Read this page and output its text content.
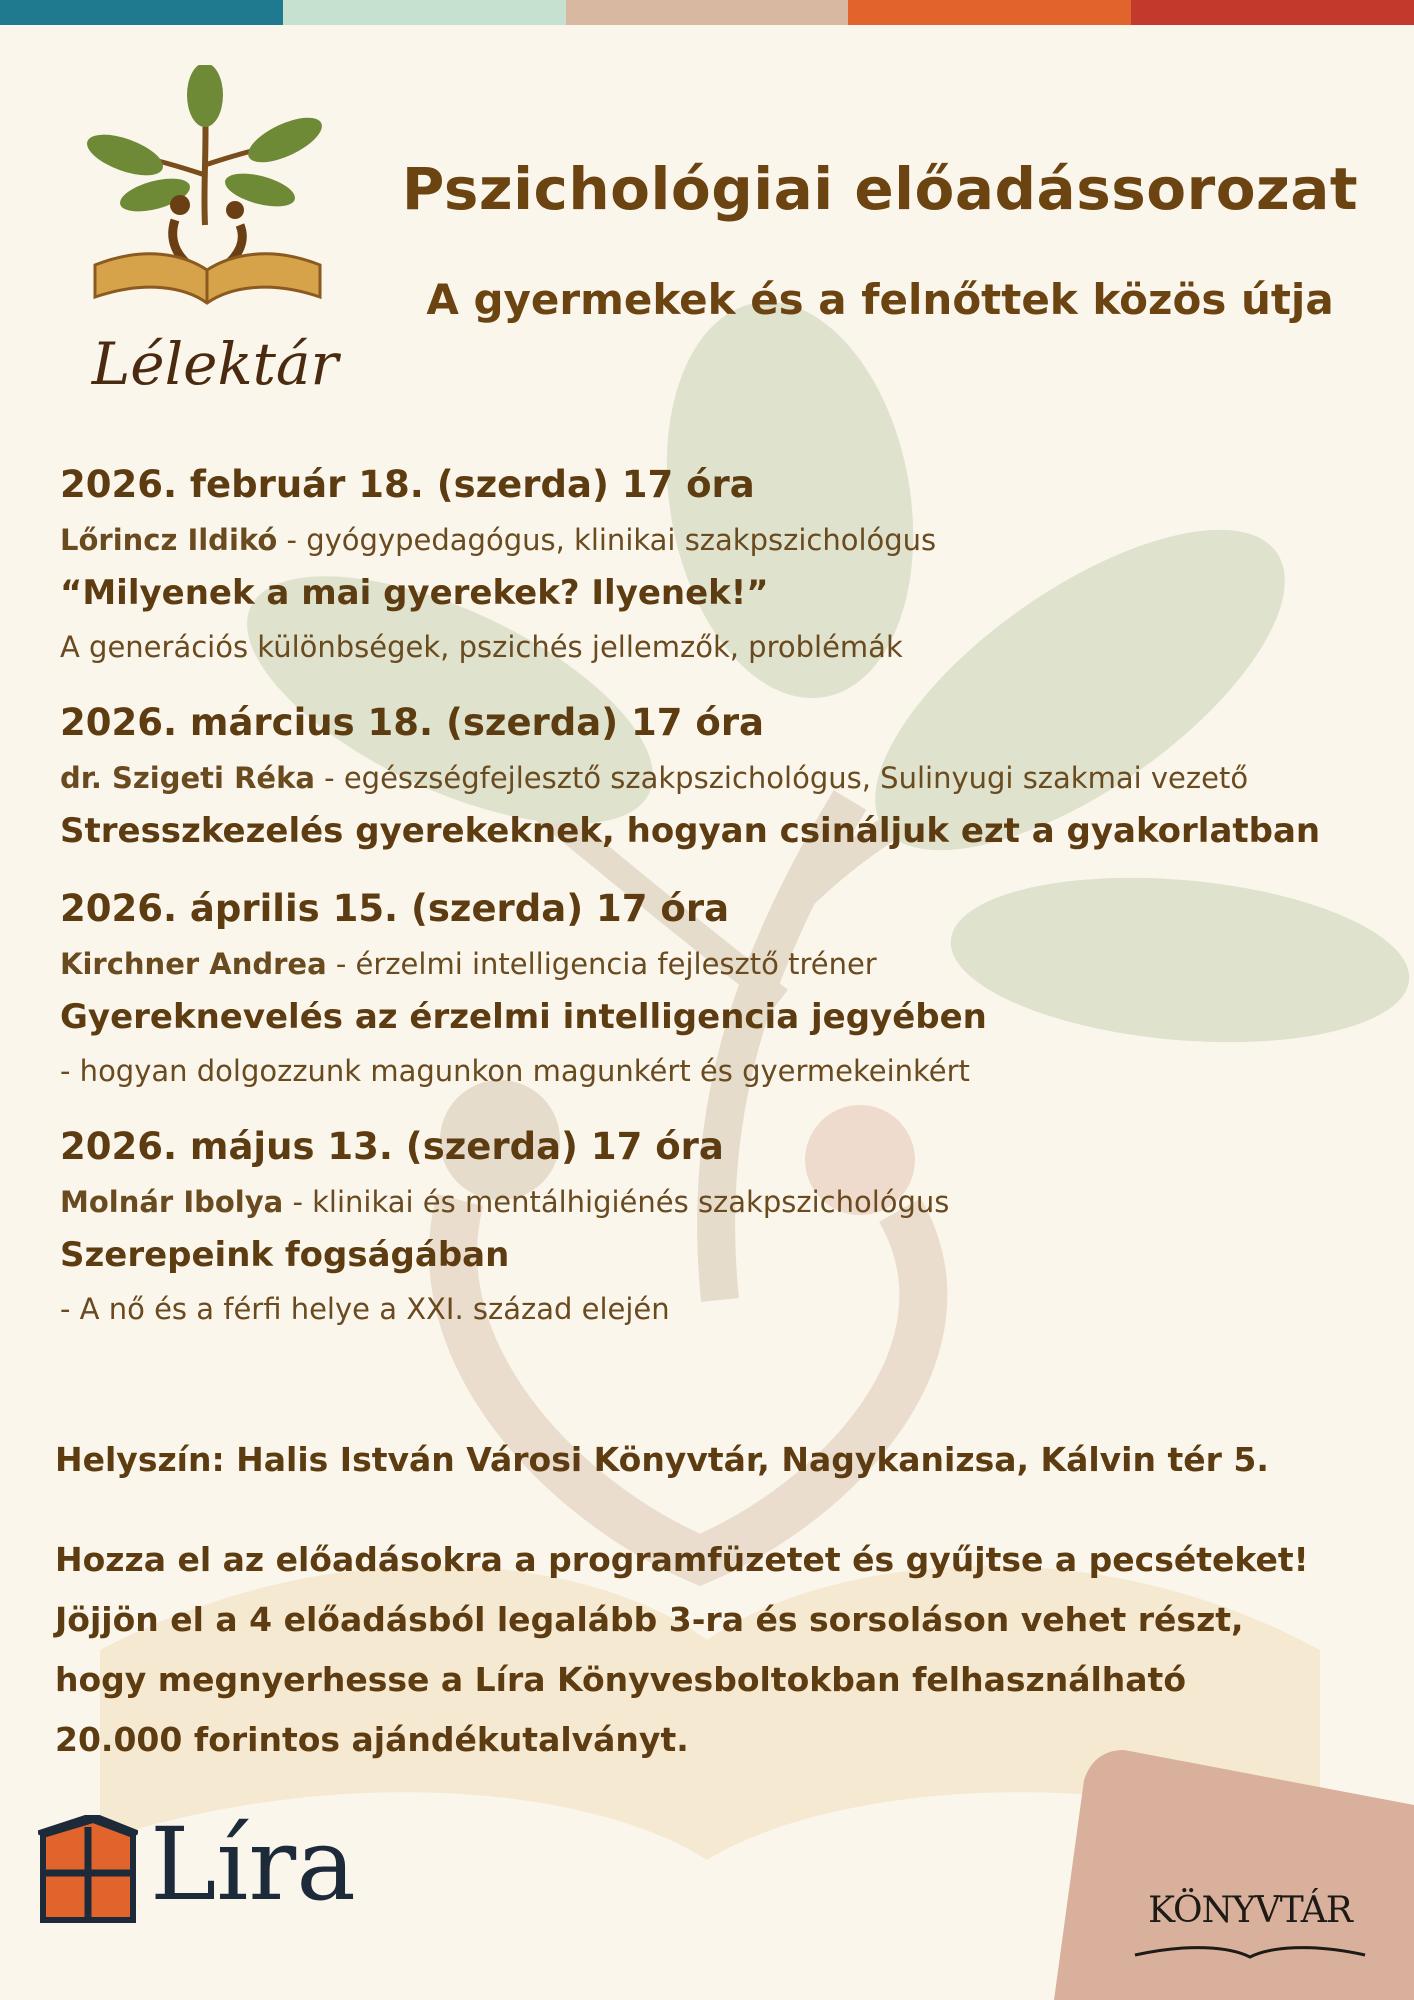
Lélektár
Pszichológiai előadássorozat
A gyermekek és a felnőttek közös útja
2026. február 18. (szerda) 17 óra
Lőrincz Ildikó - gyógypedagógus, klinikai szakpszichológus
“Milyenek a mai gyerekek? Ilyenek!”
A generációs különbségek, pszichés jellemzők, problémák
2026. március 18. (szerda) 17 óra
dr. Szigeti Réka - egészségfejlesztő szakpszichológus, Sulinyugi szakmai vezető
Stresszkezelés gyerekeknek, hogyan csináljuk ezt a gyakorlatban
2026. április 15. (szerda) 17 óra
Kirchner Andrea - érzelmi intelligencia fejlesztő tréner
Gyereknevelés az érzelmi intelligencia jegyében
- hogyan dolgozzunk magunkon magunkért és gyermekeinkért
2026. május 13. (szerda) 17 óra
Molnár Ibolya - klinikai és mentálhigiénés szakpszichológus
Szerepeink fogságában
- A nő és a férfi helye a XXI. század elején
Helyszín: Halis István Városi Könyvtár, Nagykanizsa, Kálvin tér 5.
Hozza el az előadásokra a programfüzetet és gyűjtse a pecséteket!
Jöjjön el a 4 előadásból legalább 3-ra és sorsoláson vehet részt,
hogy megnyerhesse a Líra Könyvesboltokban felhasználható
20.000 forintos ajándékutalványt.
KÖNYVTÁR
Líra
